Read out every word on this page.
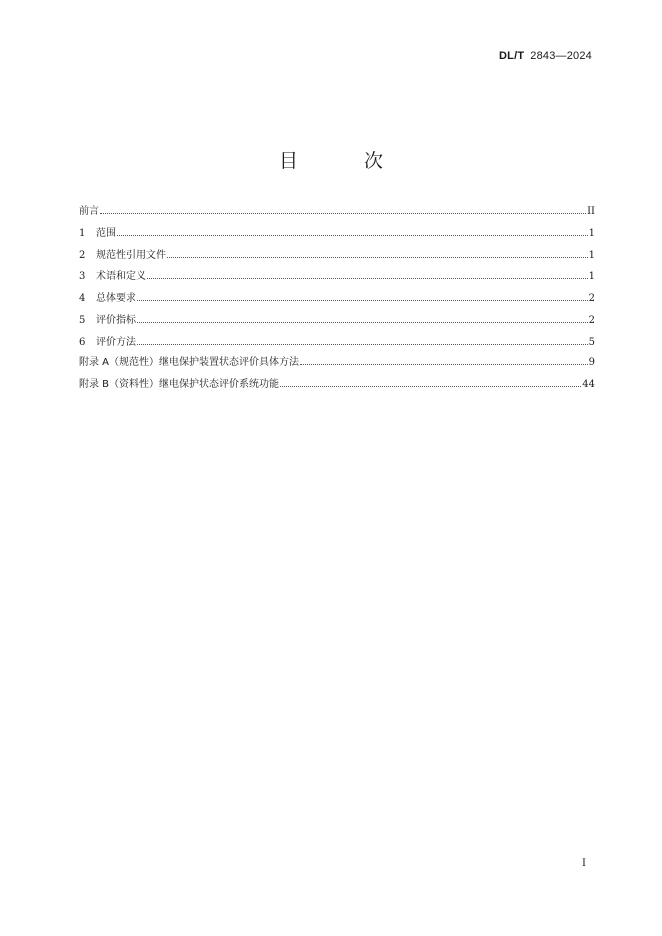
DL/T 2843—2024
目 次
前言	II
1	范围	1
2	规范性引用文件	1
3	术语和定义	1
4	总体要求	2
5	评价指标	2
6	评价方法	5
附录 A（规范性）继电保护装置状态评价具体方法	9
附录 B（资料性）继电保护状态评价系统功能	44
I
